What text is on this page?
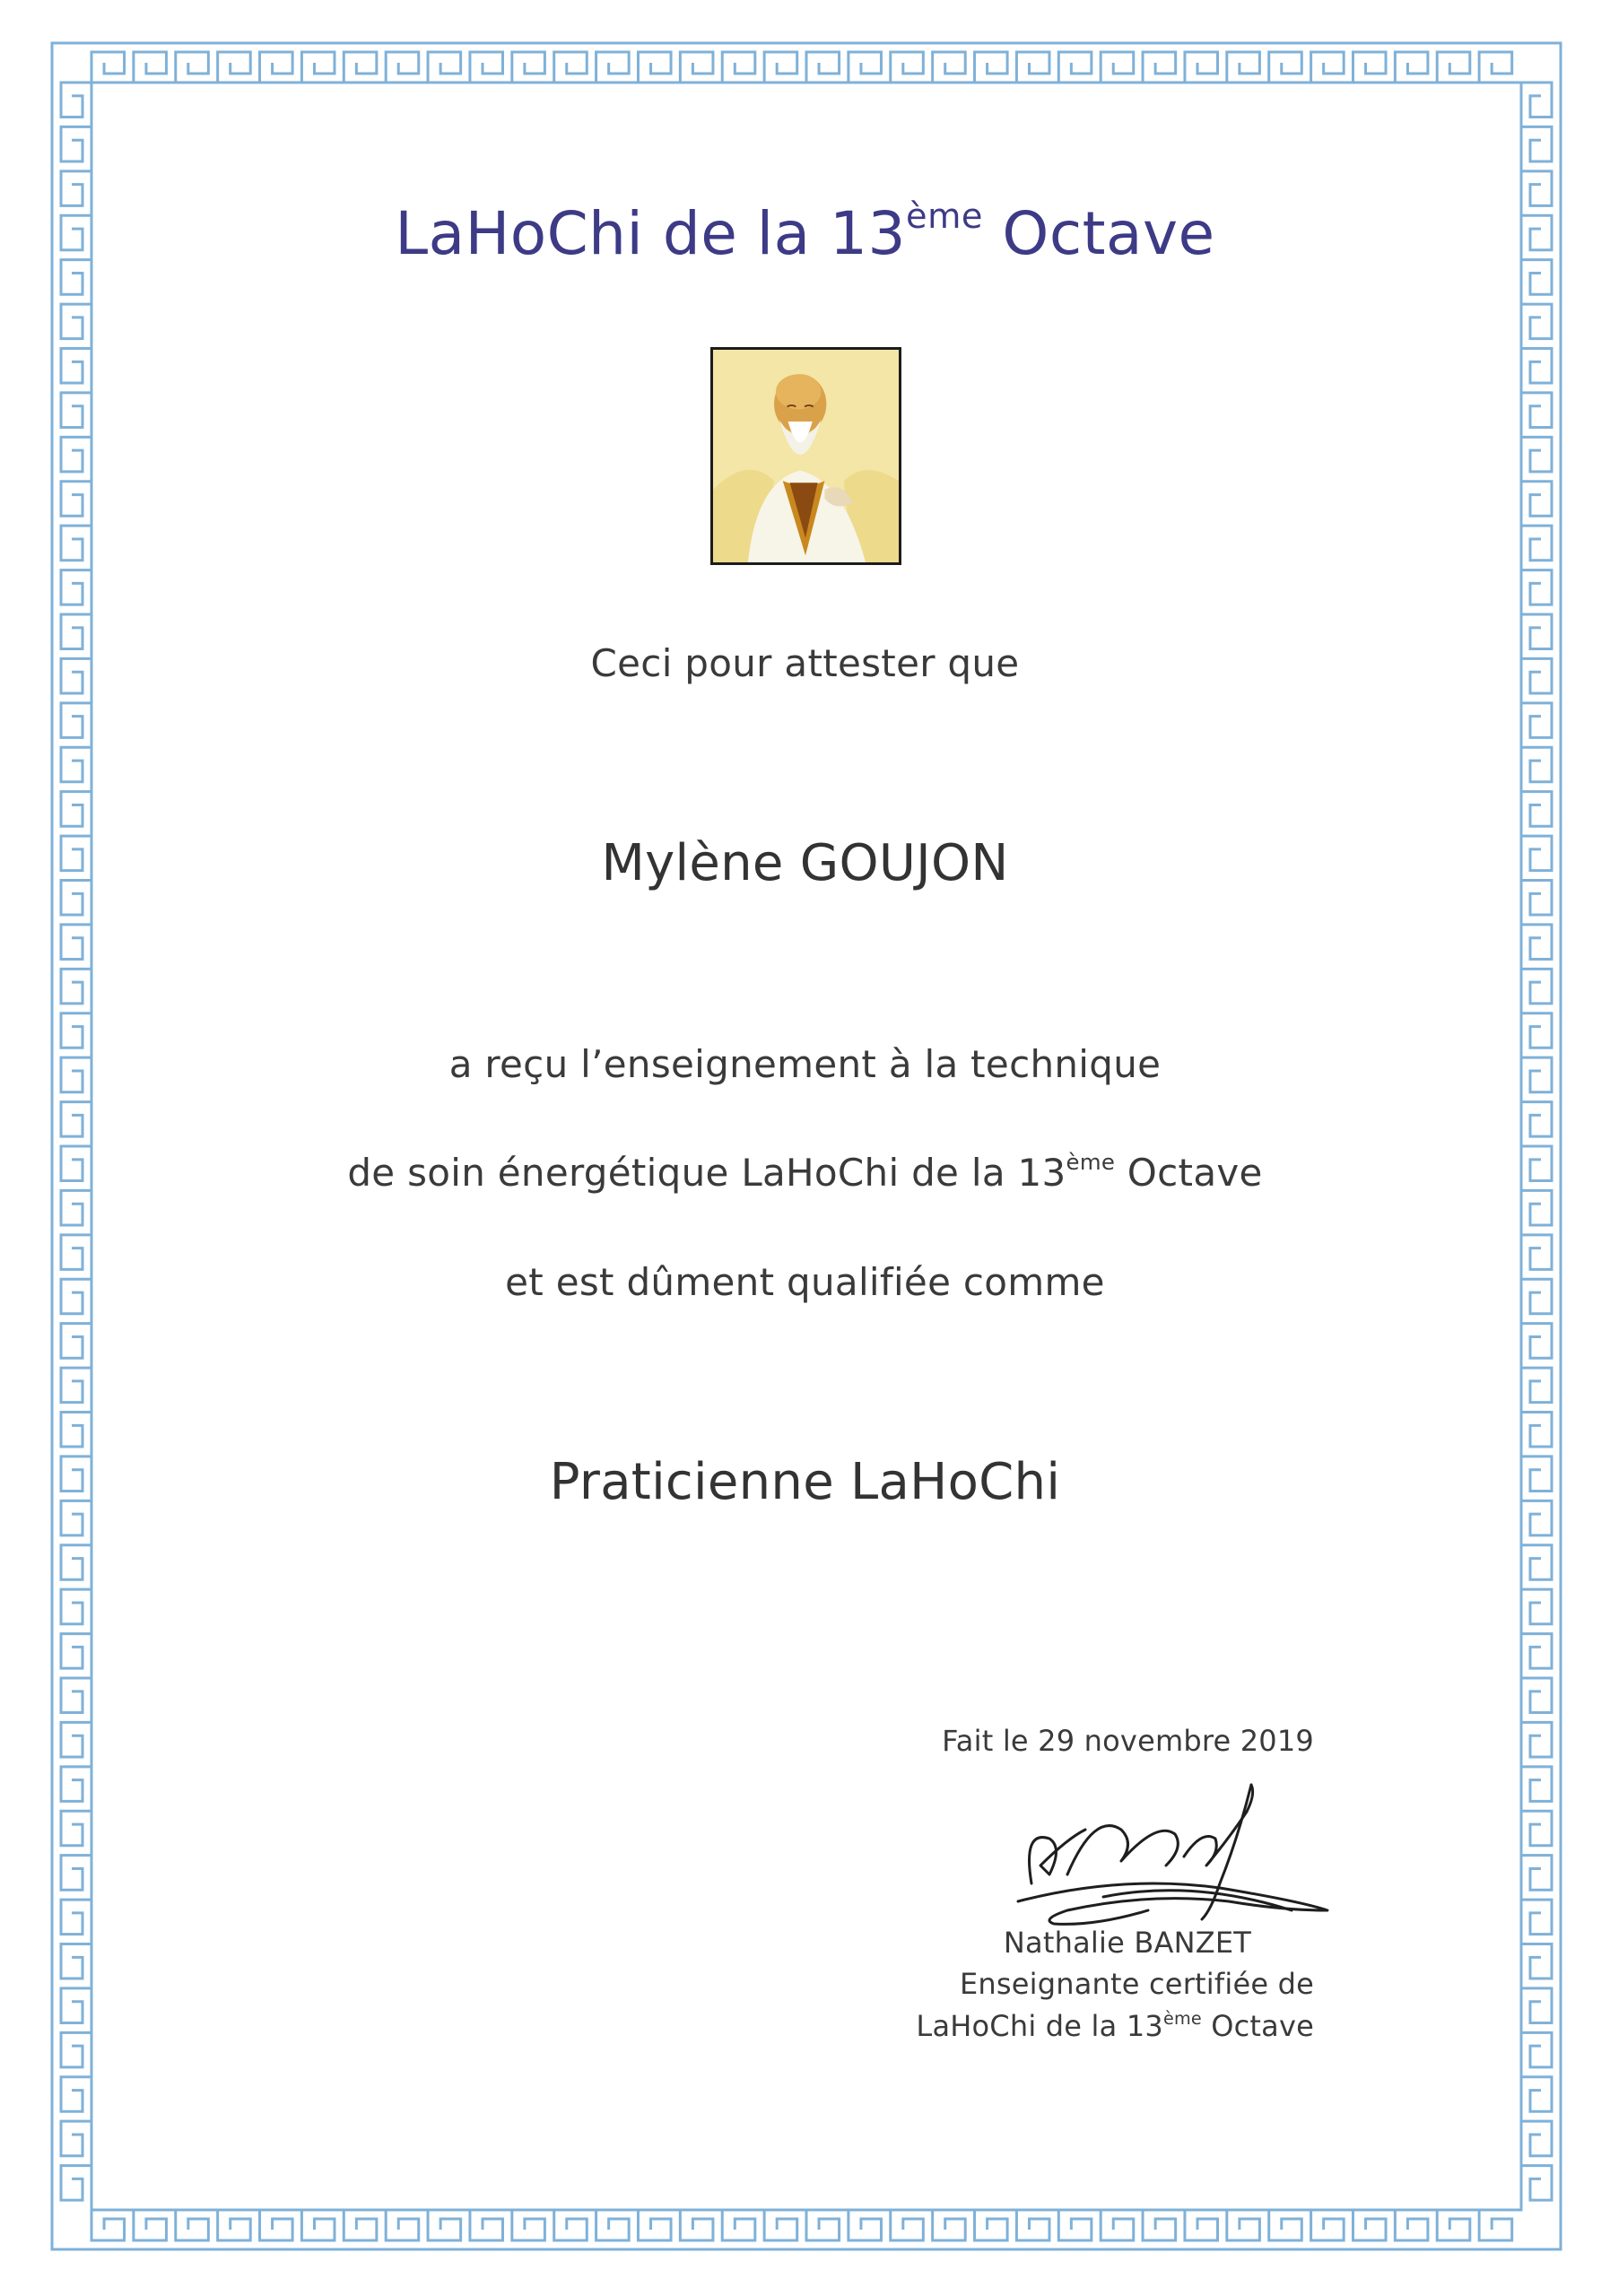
LaHoChi de la 13ème Octave
Ceci pour attester que
Mylène GOUJON
a reçu l’enseignement à la technique
de soin énergétique LaHoChi de la 13ème Octave
et est dûment qualifiée comme
Praticienne LaHoChi
Fait le 29 novembre 2019
Nathalie BANZET
Enseignante certifiée de
LaHoChi de la 13ème Octave
